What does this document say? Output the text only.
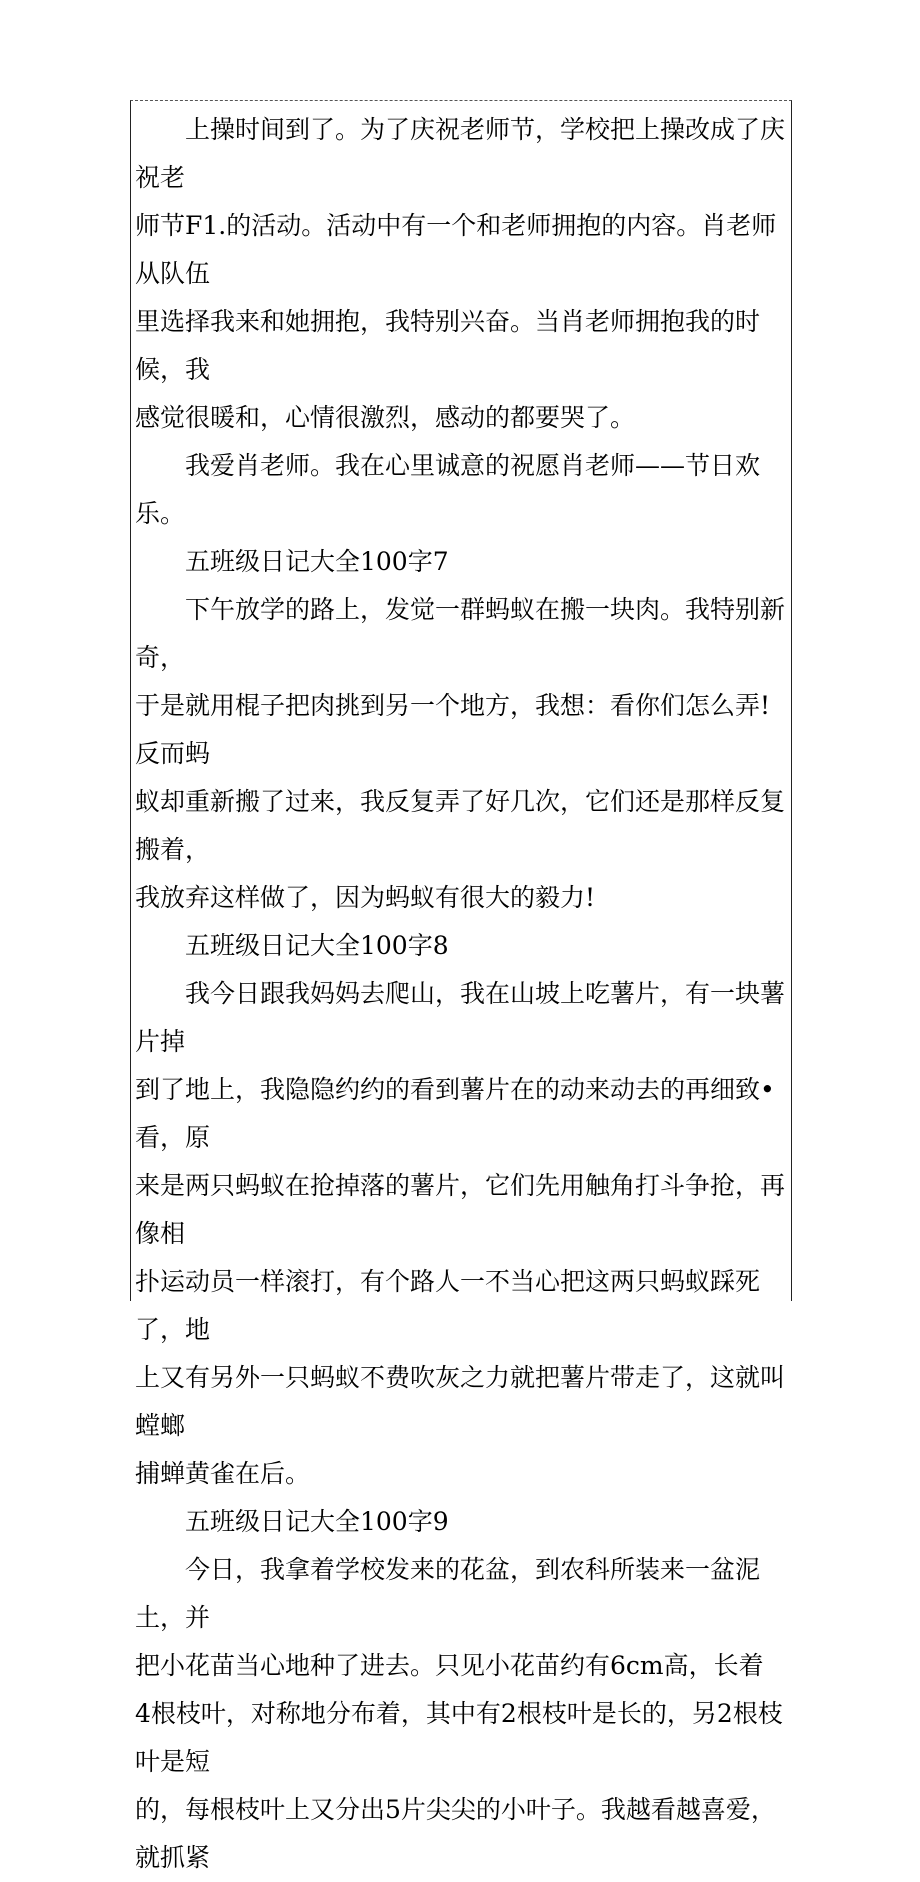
上操时间到了。为了庆祝老师节，学校把上操改成了庆祝老
师节F1.的活动。活动中有一个和老师拥抱的内容。肖老师从队伍
里选择我来和她拥抱，我特别兴奋。当肖老师拥抱我的时候，我
感觉很暖和，心情很激烈，感动的都要哭了。

我爱肖老师。我在心里诚意的祝愿肖老师——节日欢乐。

五班级日记大全100字7

下午放学的路上，发觉一群蚂蚁在搬一块肉。我特别新奇，
于是就用棍子把肉挑到另一个地方，我想：看你们怎么弄!反而蚂
蚁却重新搬了过来，我反复弄了好几次，它们还是那样反复搬着，
我放弃这样做了，因为蚂蚁有很大的毅力!

五班级日记大全100字8

我今日跟我妈妈去爬山，我在山坡上吃薯片，有一块薯片掉
到了地上，我隐隐约约的看到薯片在的动来动去的再细致•看，原
来是两只蚂蚁在抢掉落的薯片，它们先用触角打斗争抢，再像相
扑运动员一样滚打，有个路人一不当心把这两只蚂蚁踩死了，地
上又有另外一只蚂蚁不费吹灰之力就把薯片带走了，这就叫螳螂
捕蝉黄雀在后。

五班级日记大全100字9

今日，我拿着学校发来的花盆，到农科所装来一盆泥土，并
把小花苗当心地种了进去。只见小花苗约有6cm高，长着
4根枝叶，对称地分布着，其中有2根枝叶是长的，另2根枝叶是短
的，每根枝叶上又分出5片尖尖的小叶子。我越看越喜爱，就抓紧
